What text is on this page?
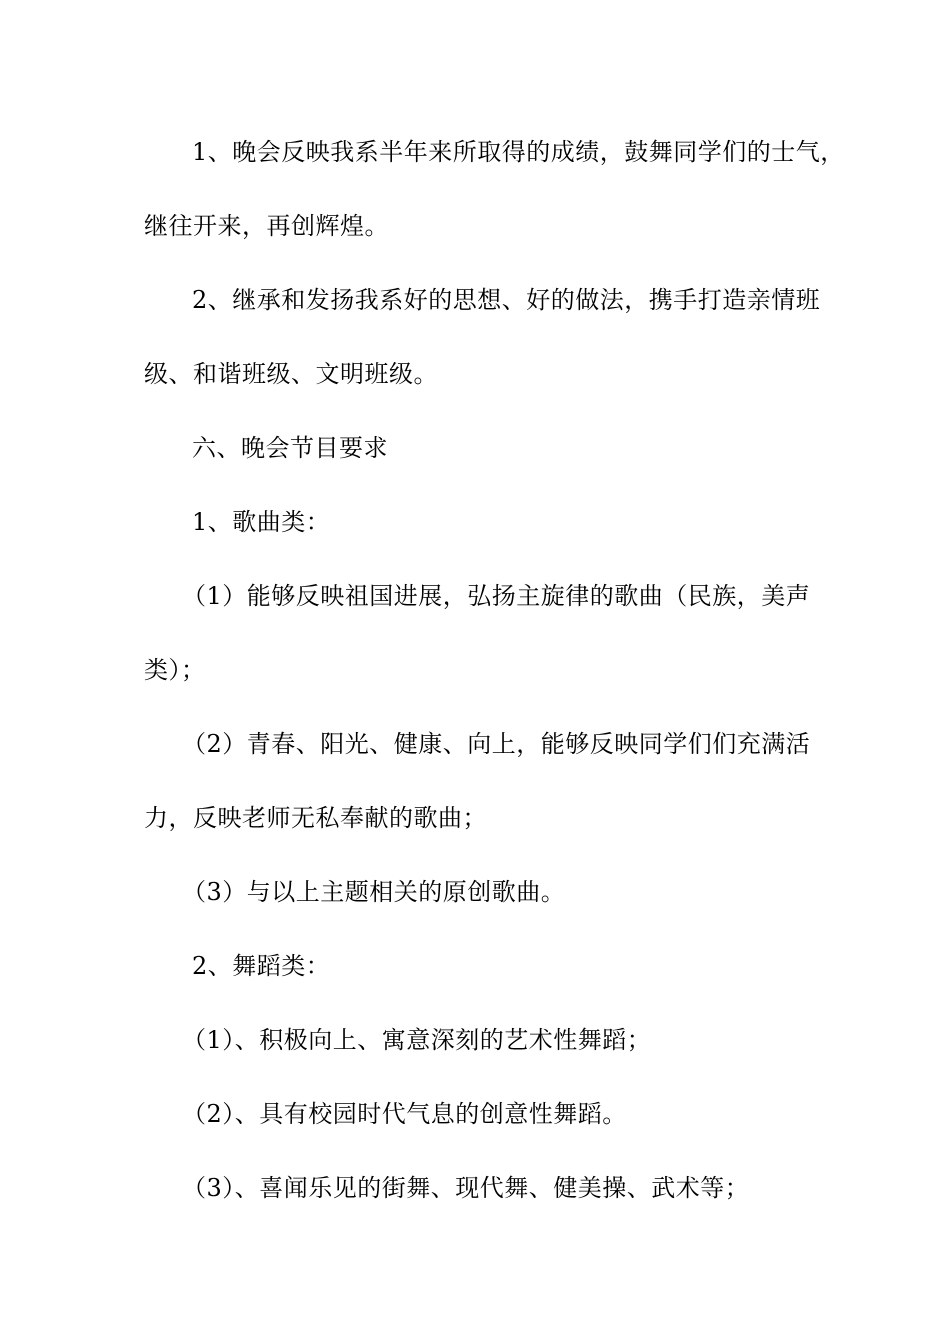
1、晚会反映我系半年来所取得的成绩，鼓舞同学们的士气，
继往开来，再创辉煌。
2、继承和发扬我系好的思想、好的做法，携手打造亲情班
级、和谐班级、文明班级。
六、晚会节目要求
1、歌曲类：
（1）能够反映祖国进展，弘扬主旋律的歌曲（民族，美声
类）；
（2）青春、阳光、健康、向上，能够反映同学们们充满活
力，反映老师无私奉献的歌曲；
（3）与以上主题相关的原创歌曲。
2、舞蹈类：
（1）、积极向上、寓意深刻的艺术性舞蹈；
（2）、具有校园时代气息的创意性舞蹈。
（3）、喜闻乐见的街舞、现代舞、健美操、武术等；
